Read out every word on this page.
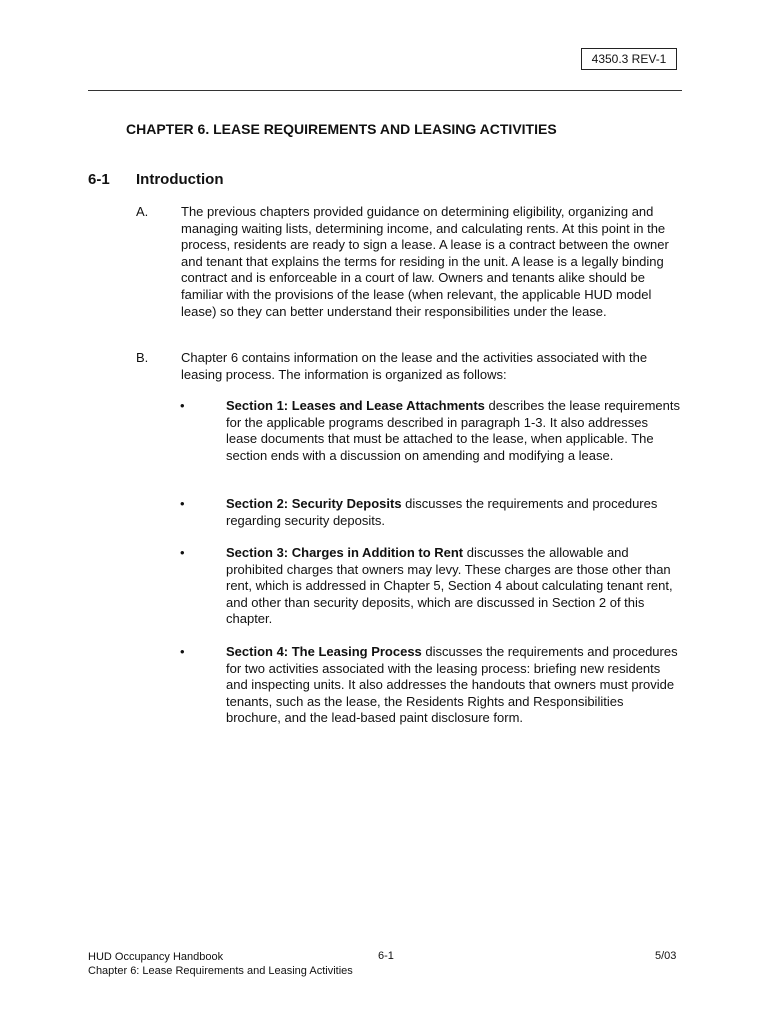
4350.3 REV-1
CHAPTER 6. LEASE REQUIREMENTS AND LEASING ACTIVITIES
6-1 Introduction
A.	The previous chapters provided guidance on determining eligibility, organizing and managing waiting lists, determining income, and calculating rents. At this point in the process, residents are ready to sign a lease. A lease is a contract between the owner and tenant that explains the terms for residing in the unit. A lease is a legally binding contract and is enforceable in a court of law. Owners and tenants alike should be familiar with the provisions of the lease (when relevant, the applicable HUD model lease) so they can better understand their responsibilities under the lease.

B.	Chapter 6 contains information on the lease and the activities associated with the leasing process. The information is organized as follows:

•	Section 1: Leases and Lease Attachments describes the lease requirements for the applicable programs described in paragraph 1-3. It also addresses lease documents that must be attached to the lease, when applicable. The section ends with a discussion on amending and modifying a lease.

•	Section 2: Security Deposits discusses the requirements and procedures regarding security deposits.

•	Section 3: Charges in Addition to Rent discusses the allowable and prohibited charges that owners may levy. These charges are those other than rent, which is addressed in Chapter 5, Section 4 about calculating tenant rent, and other than security deposits, which are discussed in Section 2 of this chapter.

•	Section 4: The Leasing Process discusses the requirements and procedures for two activities associated with the leasing process: briefing new residents and inspecting units. It also addresses the handouts that owners must provide tenants, such as the lease, the Residents Rights and Responsibilities brochure, and the lead-based paint disclosure form.

HUD Occupancy Handbook
Chapter 6: Lease Requirements and Leasing Activities
6-1	5/03
